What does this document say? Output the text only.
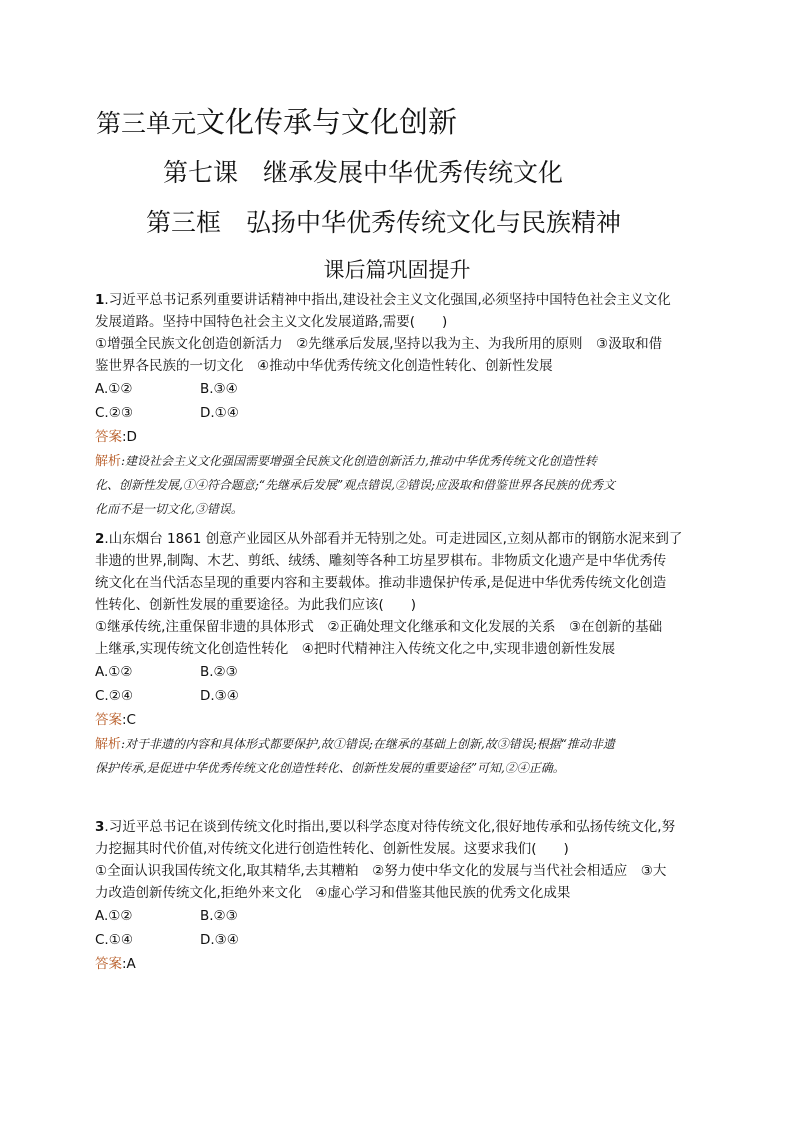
第三单元文化传承与文化创新
第七课　继承发展中华优秀传统文化
第三框　弘扬中华优秀传统文化与民族精神
课后篇巩固提升
1.习近平总书记系列重要讲话精神中指出,建设社会主义文化强国,必须坚持中国特色社会主义文化
发展道路。坚持中国特色社会主义文化发展道路,需要(　　)
①增强全民族文化创造创新活力　②先继承后发展,坚持以我为主、为我所用的原则　③汲取和借
鉴世界各民族的一切文化　④推动中华优秀传统文化创造性转化、创新性发展
A.①②	B.③④
C.②③	D.①④
答案:D
解析:建设社会主义文化强国需要增强全民族文化创造创新活力,推动中华优秀传统文化创造性转
化、创新性发展,①④符合题意;“先继承后发展”观点错误,②错误;应汲取和借鉴世界各民族的优秀文
化而不是一切文化,③错误。
2.山东烟台 1861 创意产业园区从外部看并无特别之处。可走进园区,立刻从都市的钢筋水泥来到了
非遗的世界,制陶、木艺、剪纸、绒绣、雕刻等各种工坊星罗棋布。非物质文化遗产是中华优秀传
统文化在当代活态呈现的重要内容和主要载体。推动非遗保护传承,是促进中华优秀传统文化创造
性转化、创新性发展的重要途径。为此我们应该(　　)
①继承传统,注重保留非遗的具体形式　②正确处理文化继承和文化发展的关系　③在创新的基础
上继承,实现传统文化创造性转化　④把时代精神注入传统文化之中,实现非遗创新性发展
A.①②	B.②③
C.②④	D.③④
答案:C
解析:对于非遗的内容和具体形式都要保护,故①错误;在继承的基础上创新,故③错误;根据“推动非遗
保护传承,是促进中华优秀传统文化创造性转化、创新性发展的重要途径”可知,②④正确。
3.习近平总书记在谈到传统文化时指出,要以科学态度对待传统文化,很好地传承和弘扬传统文化,努
力挖掘其时代价值,对传统文化进行创造性转化、创新性发展。这要求我们(　　)
①全面认识我国传统文化,取其精华,去其糟粕　②努力使中华文化的发展与当代社会相适应　③大
力改造创新传统文化,拒绝外来文化　④虚心学习和借鉴其他民族的优秀文化成果
A.①②	B.②③
C.①④	D.③④
答案:A
